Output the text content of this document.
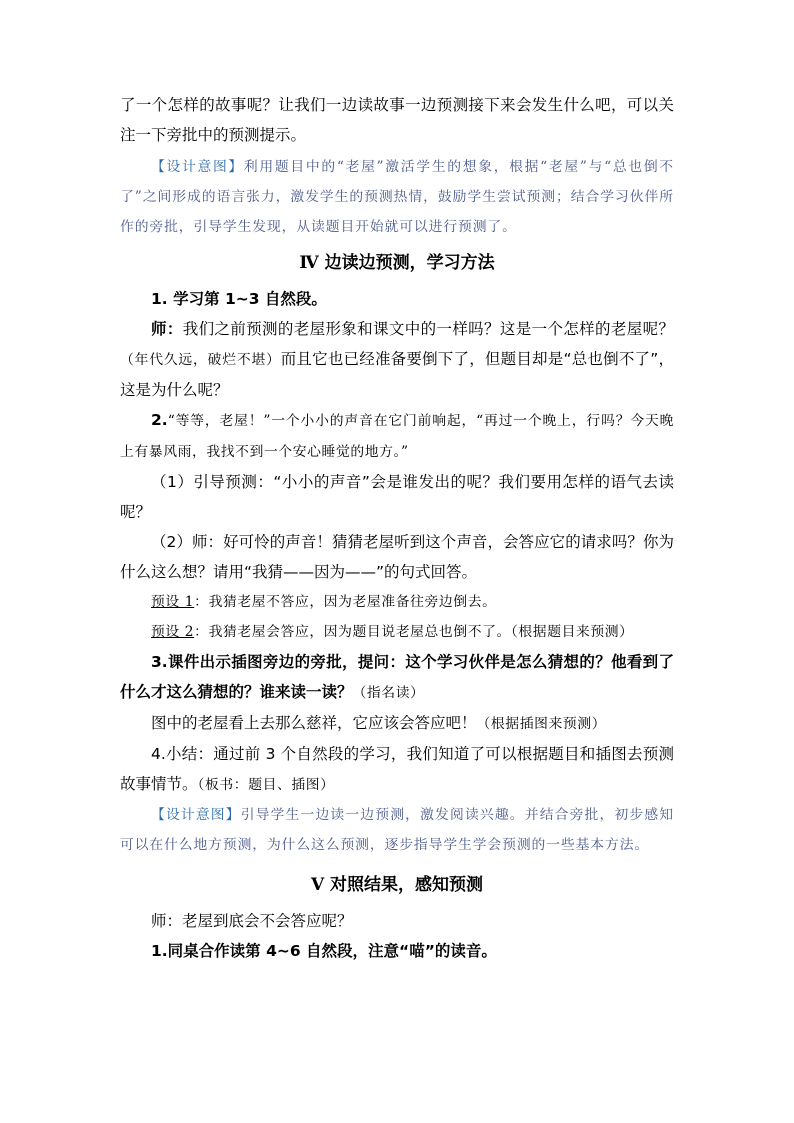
了一个怎样的故事呢？让我们一边读故事一边预测接下来会发生什么吧，可以关注一下旁批中的预测提示。

【设计意图】利用题目中的“老屋”激活学生的想象，根据“老屋”与“总也倒不了”之间形成的语言张力，激发学生的预测热情，鼓励学生尝试预测；结合学习伙伴所作的旁批，引导学生发现，从读题目开始就可以进行预测了。

Ⅳ 边读边预测，学习方法

1. 学习第 1~3 自然段。

师：我们之前预测的老屋形象和课文中的一样吗？这是一个怎样的老屋呢？（年代久远，破烂不堪）而且它也已经准备要倒下了，但题目却是“总也倒不了”，这是为什么呢？

2.“等等，老屋！”一个小小的声音在它门前响起，“再过一个晚上，行吗？今天晚上有暴风雨，我找不到一个安心睡觉的地方。”

（1）引导预测：“小小的声音”会是谁发出的呢？我们要用怎样的语气去读呢？

（2）师：好可怜的声音！猜猜老屋听到这个声音，会答应它的请求吗？你为什么这么想？请用“我猜——因为——”的句式回答。

预设 1：我猜老屋不答应，因为老屋准备往旁边倒去。

预设 2：我猜老屋会答应，因为题目说老屋总也倒不了。（根据题目来预测）

3.课件出示插图旁边的旁批，提问：这个学习伙伴是怎么猜想的？他看到了什么才这么猜想的？谁来读一读？（指名读）

图中的老屋看上去那么慈祥，它应该会答应吧！（根据插图来预测）

4.小结：通过前 3 个自然段的学习，我们知道了可以根据题目和插图去预测故事情节。（板书：题目、插图）

【设计意图】引导学生一边读一边预测，激发阅读兴趣。并结合旁批，初步感知可以在什么地方预测，为什么这么预测，逐步指导学生学会预测的一些基本方法。

Ⅴ 对照结果，感知预测

师：老屋到底会不会答应呢？

1.同桌合作读第 4~6 自然段，注意“喵”的读音。
